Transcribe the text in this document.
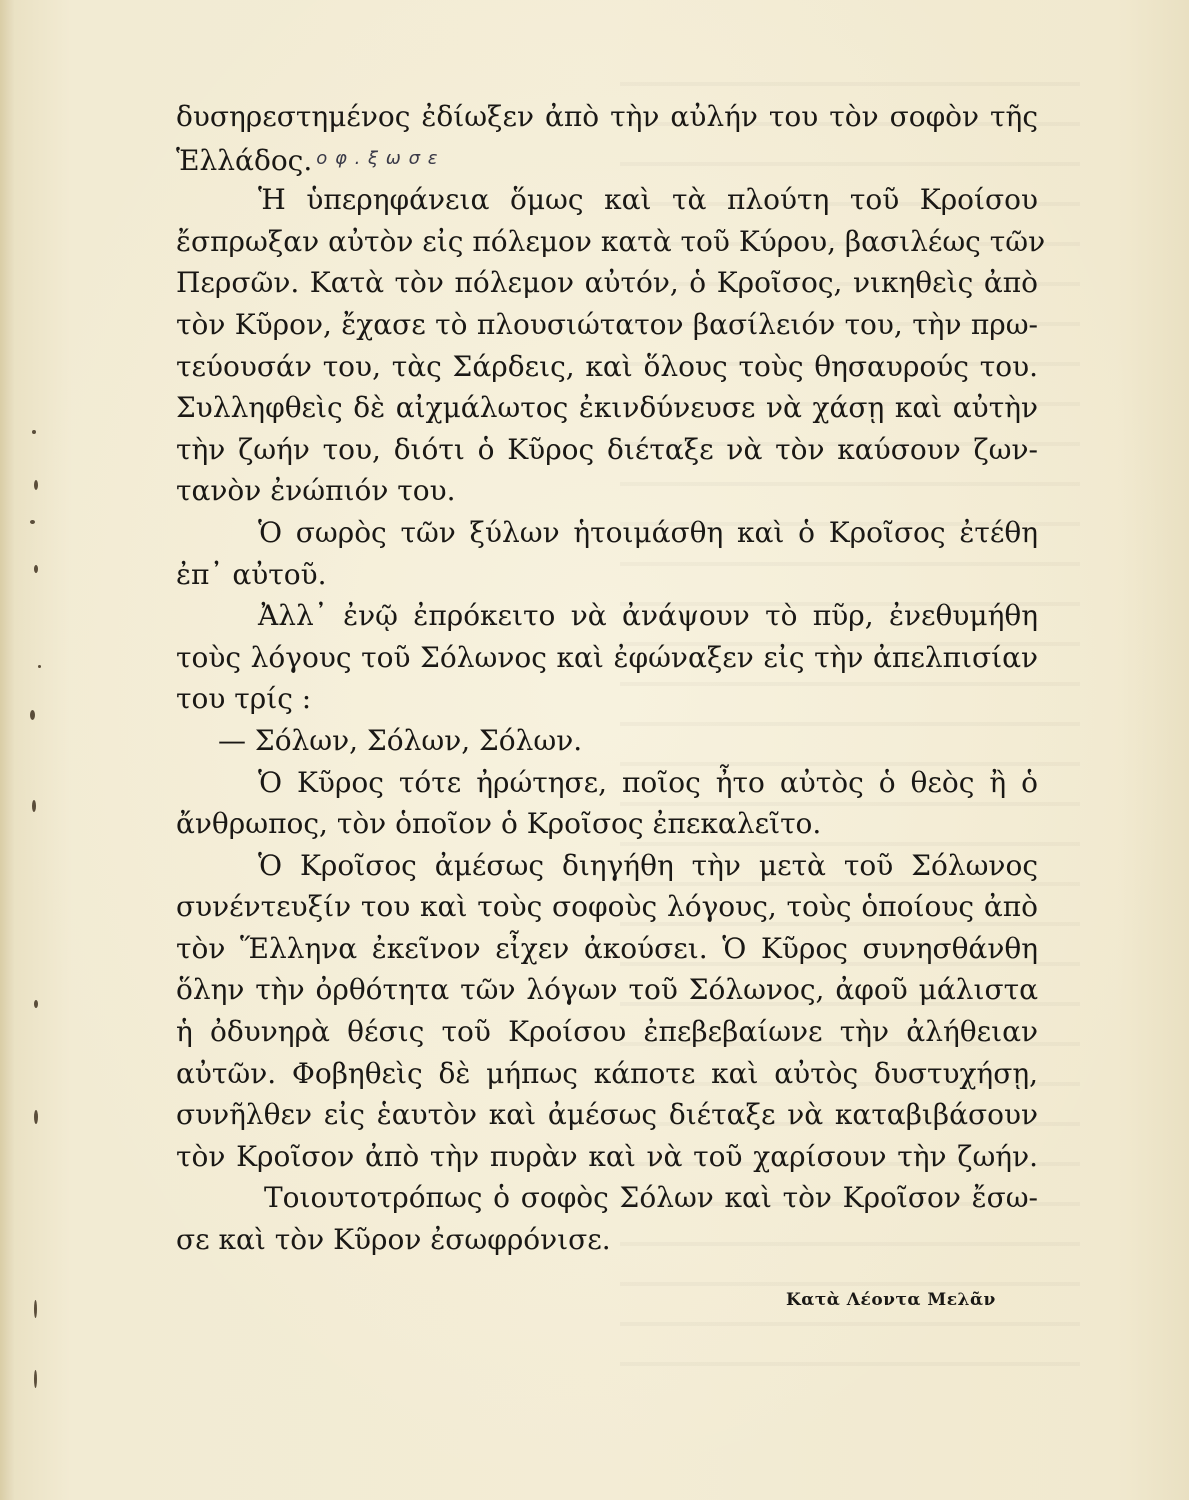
δυσηρεστημένος ἐδίωξεν ἀπὸ τὴν αὐλήν του τὸν σοφὸν τῆς
Ἑλλάδος. $^{o \varphi . \xi \omega \sigma \varepsilon}$
Ἡ ὑπερηφάνεια ὅμως καὶ τὰ πλούτη τοῦ Κροίσου
ἔσπρωξαν αὐτὸν εἰς πόλεμον κατὰ τοῦ Κύρου, βασιλέως τῶν
Περσῶν. Κατὰ τὸν πόλεμον αὐτόν, ὁ Κροῖσος, νικηθεὶς ἀπὸ
τὸν Κῦρον, ἔχασε τὸ πλουσιώτατον βασίλειόν του, τὴν πρω-
τεύουσάν του, τὰς Σάρδεις, καὶ ὅλους τοὺς θησαυρούς του.
Συλληφθεὶς δὲ αἰχμάλωτος ἐκινδύνευσε νὰ χάσῃ καὶ αὐτὴν
τὴν ζωήν του, διότι ὁ Κῦρος διέταξε νὰ τὸν καύσουν ζων-
τανὸν ἐνώπιόν του.
Ὁ σωρὸς τῶν ξύλων ἡτοιμάσθη καὶ ὁ Κροῖσος ἐτέθη
ἐπ᾿ αὐτοῦ.
Ἀλλ᾿ ἐνῷ ἐπρόκειτο νὰ ἀνάψουν τὸ πῦρ, ἐνεθυμήθη
τοὺς λόγους τοῦ Σόλωνος καὶ ἐφώναξεν εἰς τὴν ἀπελπισίαν
του τρίς :
— Σόλων, Σόλων, Σόλων.
Ὁ Κῦρος τότε ἠρώτησε, ποῖος ἦτο αὐτὸς ὁ θεὸς ἢ ὁ
ἄνθρωπος, τὸν ὁποῖον ὁ Κροῖσος ἐπεκαλεῖτο.
Ὁ Κροῖσος ἀμέσως διηγήθη τὴν μετὰ τοῦ Σόλωνος
συνέντευξίν του καὶ τοὺς σοφοὺς λόγους, τοὺς ὁποίους ἀπὸ
τὸν Ἕλληνα ἐκεῖνον εἶχεν ἀκούσει. Ὁ Κῦρος συνησθάνθη
ὅλην τὴν ὀρθότητα τῶν λόγων τοῦ Σόλωνος, ἀφοῦ μάλιστα
ἡ ὀδυνηρὰ θέσις τοῦ Κροίσου ἐπεβεβαίωνε τὴν ἀλήθειαν
αὐτῶν. Φοβηθεὶς δὲ μήπως κάποτε καὶ αὐτὸς δυστυχήσῃ,
συνῆλθεν εἰς ἑαυτὸν καὶ ἀμέσως διέταξε νὰ καταβιβάσουν
τὸν Κροῖσον ἀπὸ τὴν πυρὰν καὶ νὰ τοῦ χαρίσουν τὴν ζωήν.
Τοιουτοτρόπως ὁ σοφὸς Σόλων καὶ τὸν Κροῖσον ἔσω-
σε καὶ τὸν Κῦρον ἐσωφρόνισε.
Κατὰ Λέοντα Μελᾶν
